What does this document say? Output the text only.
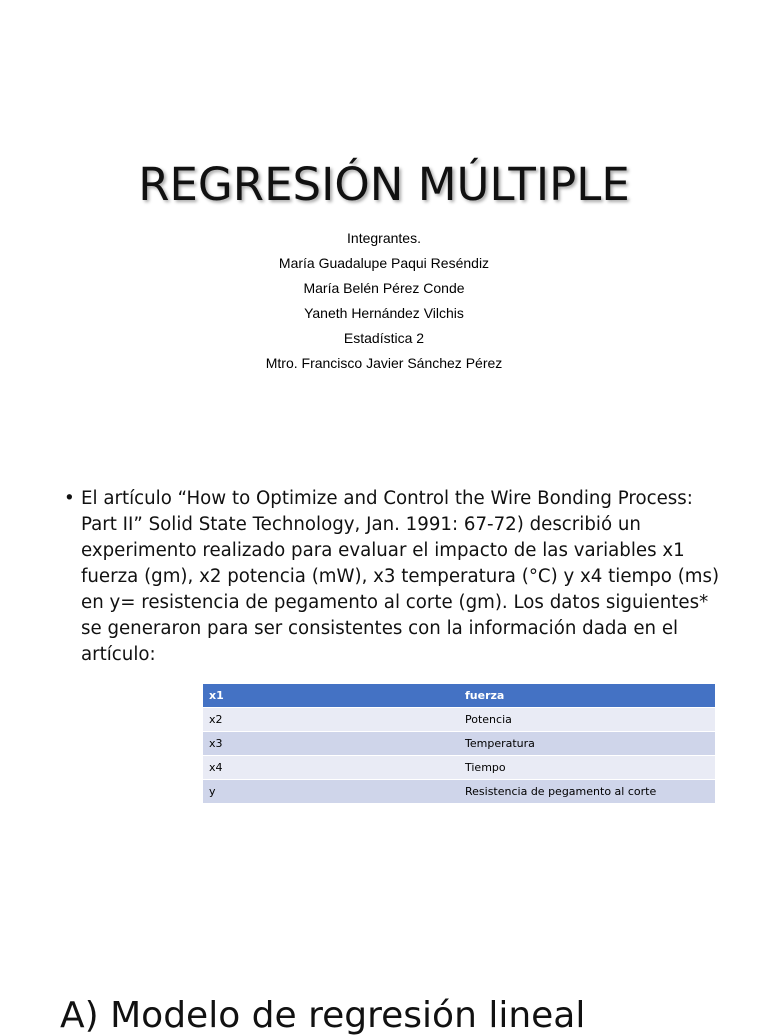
REGRESIÓN MÚLTIPLE
Integrantes.
María Guadalupe Paqui Reséndiz
María Belén Pérez Conde
Yaneth Hernández Vilchis
Estadística 2
Mtro. Francisco Javier Sánchez Pérez
• El artículo “How to Optimize and Control the Wire Bonding Process: Part II” Solid State Technology, Jan. 1991: 67-72) describió un experimento realizado para evaluar el impacto de las variables x1 fuerza (gm), x2 potencia (mW), x3 temperatura (°C) y x4 tiempo (ms) en y= resistencia de pegamento al corte (gm). Los datos siguientes* se generaron para ser consistentes con la información dada en el artículo:
x1	fuerza
x2	Potencia
x3	Temperatura
x4	Tiempo
y	Resistencia de pegamento al corte
A) Modelo de regresión lineal
